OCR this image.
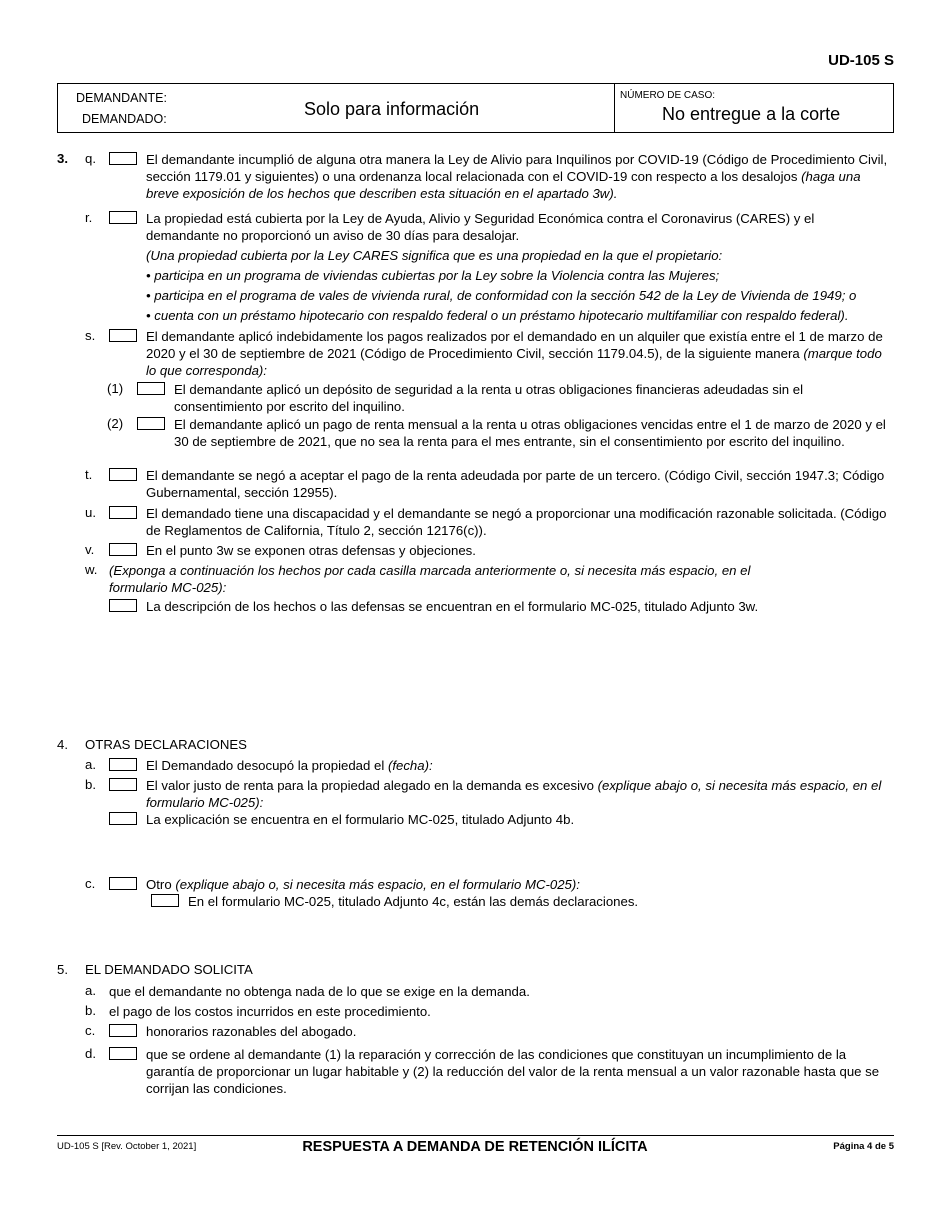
UD-105 S
DEMANDANTE:
DEMANDADO:	Solo para información
NÚMERO DE CASO:
No entregue a la corte
3. q.	El demandante incumplió de alguna otra manera la Ley de Alivio para Inquilinos por COVID-19 (Código de Procedimiento Civil, sección 1179.01 y siguientes) o una ordenanza local relacionada con el COVID-19 con respecto a los desalojos (haga una breve exposición de los hechos que describen esta situación en el apartado 3w).
r.	La propiedad está cubierta por la Ley de Ayuda, Alivio y Seguridad Económica contra el Coronavirus (CARES) y el demandante no proporcionó un aviso de 30 días para desalojar.
(Una propiedad cubierta por la Ley CARES significa que es una propiedad en la que el propietario:
• participa en un programa de viviendas cubiertas por la Ley sobre la Violencia contra las Mujeres;
• participa en el programa de vales de vivienda rural, de conformidad con la sección 542 de la Ley de Vivienda de 1949; o
• cuenta con un préstamo hipotecario con respaldo federal o un préstamo hipotecario multifamiliar con respaldo federal).
s.	El demandante aplicó indebidamente los pagos realizados por el demandado en un alquiler que existía entre el 1 de marzo de 2020 y el 30 de septiembre de 2021 (Código de Procedimiento Civil, sección 1179.04.5), de la siguiente manera (marque todo lo que corresponda):
(1)	El demandante aplicó un depósito de seguridad a la renta u otras obligaciones financieras adeudadas sin el consentimiento por escrito del inquilino.
(2)	El demandante aplicó un pago de renta mensual a la renta u otras obligaciones vencidas entre el 1 de marzo de 2020 y el 30 de septiembre de 2021, que no sea la renta para el mes entrante, sin el consentimiento por escrito del inquilino.
t.	El demandante se negó a aceptar el pago de la renta adeudada por parte de un tercero. (Código Civil, sección 1947.3; Código Gubernamental, sección 12955).
u.	El demandado tiene una discapacidad y el demandante se negó a proporcionar una modificación razonable solicitada. (Código de Reglamentos de California, Título 2, sección 12176(c)).
v.	En el punto 3w se exponen otras defensas y objeciones.
w. (Exponga a continuación los hechos por cada casilla marcada anteriormente o, si necesita más espacio, en el formulario MC-025):
La descripción de los hechos o las defensas se encuentran en el formulario MC-025, titulado Adjunto 3w.
4. OTRAS DECLARACIONES
a.	El Demandado desocupó la propiedad el (fecha):
b.	El valor justo de renta para la propiedad alegado en la demanda es excesivo (explique abajo o, si necesita más espacio, en el formulario MC-025):
La explicación se encuentra en el formulario MC-025, titulado Adjunto 4b.
c.	Otro (explique abajo o, si necesita más espacio, en el formulario MC-025):
En el formulario MC-025, titulado Adjunto 4c, están las demás declaraciones.
5. EL DEMANDADO SOLICITA
a. que el demandante no obtenga nada de lo que se exige en la demanda.
b. el pago de los costos incurridos en este procedimiento.
c.	honorarios razonables del abogado.
d.	que se ordene al demandante (1) la reparación y corrección de las condiciones que constituyan un incumplimiento de la garantía de proporcionar un lugar habitable y (2) la reducción del valor de la renta mensual a un valor razonable hasta que se corrijan las condiciones.
UD-105 S [Rev. October 1, 2021]	RESPUESTA A DEMANDA DE RETENCIÓN ILÍCITA	Página 4 de 5
